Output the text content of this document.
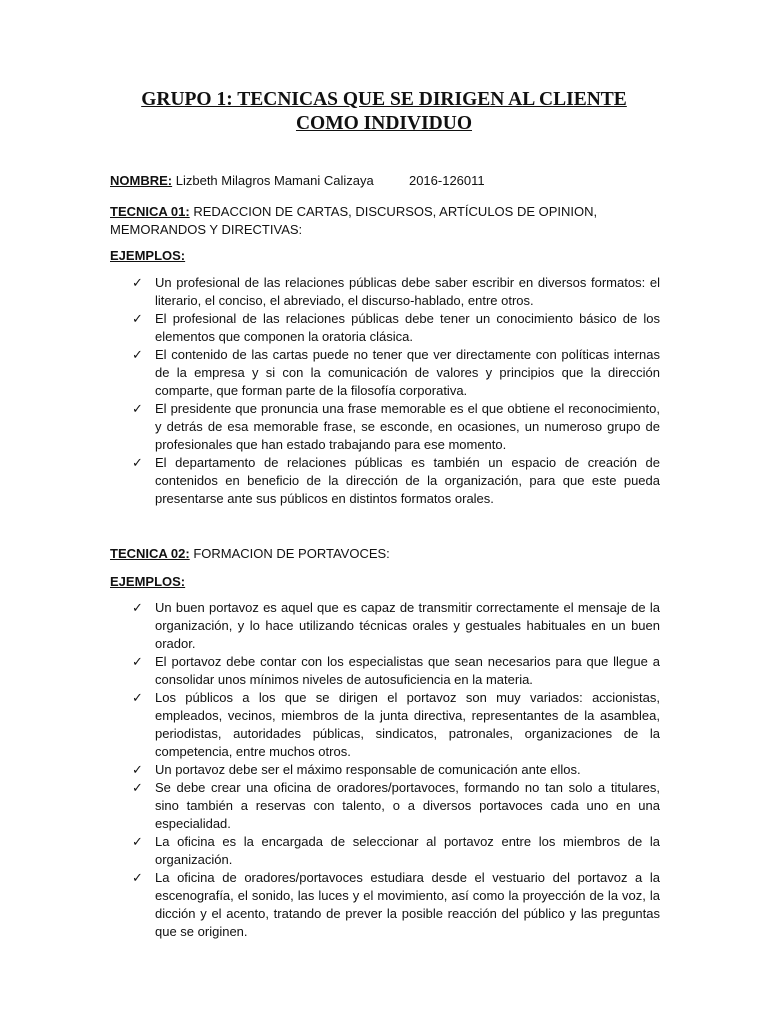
GRUPO 1: TECNICAS QUE SE DIRIGEN AL CLIENTE
COMO INDIVIDUO
NOMBRE: Lizbeth Milagros Mamani Calizaya	2016-126011
TECNICA 01: REDACCION DE CARTAS, DISCURSOS, ARTÍCULOS DE OPINION, MEMORANDOS Y DIRECTIVAS:
EJEMPLOS:
✓ Un profesional de las relaciones públicas debe saber escribir en diversos formatos: el literario, el conciso, el abreviado, el discurso-hablado, entre otros.
✓ El profesional de las relaciones públicas debe tener un conocimiento básico de los elementos que componen la oratoria clásica.
✓ El contenido de las cartas puede no tener que ver directamente con políticas internas de la empresa y si con la comunicación de valores y principios que la dirección comparte, que forman parte de la filosofía corporativa.
✓ El presidente que pronuncia una frase memorable es el que obtiene el reconocimiento, y detrás de esa memorable frase, se esconde, en ocasiones, un numeroso grupo de profesionales que han estado trabajando para ese momento.
✓ El departamento de relaciones públicas es también un espacio de creación de contenidos en beneficio de la dirección de la organización, para que este pueda presentarse ante sus públicos en distintos formatos orales.
TECNICA 02: FORMACION DE PORTAVOCES:
EJEMPLOS:
✓ Un buen portavoz es aquel que es capaz de transmitir correctamente el mensaje de la organización, y lo hace utilizando técnicas orales y gestuales habituales en un buen orador.
✓ El portavoz debe contar con los especialistas que sean necesarios para que llegue a consolidar unos mínimos niveles de autosuficiencia en la materia.
✓ Los públicos a los que se dirigen el portavoz son muy variados: accionistas, empleados, vecinos, miembros de la junta directiva, representantes de la asamblea, periodistas, autoridades públicas, sindicatos, patronales, organizaciones de la competencia, entre muchos otros.
✓ Un portavoz debe ser el máximo responsable de comunicación ante ellos.
✓ Se debe crear una oficina de oradores/portavoces, formando no tan solo a titulares, sino también a reservas con talento, o a diversos portavoces cada uno en una especialidad.
✓ La oficina es la encargada de seleccionar al portavoz entre los miembros de la organización.
✓ La oficina de oradores/portavoces estudiara desde el vestuario del portavoz a la escenografía, el sonido, las luces y el movimiento, así como la proyección de la voz, la dicción y el acento, tratando de prever la posible reacción del público y las preguntas que se originen.
